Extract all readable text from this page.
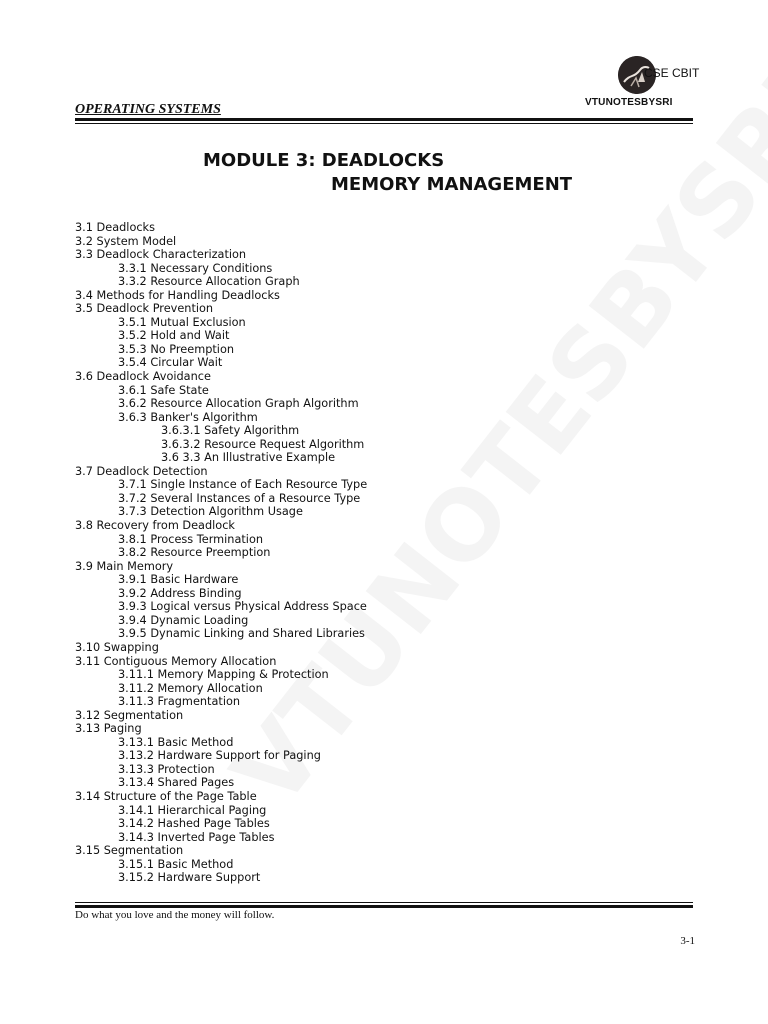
CSE CBIT
VTUNOTESBYSRI
OPERATING SYSTEMS
MODULE 3: DEADLOCKS
MEMORY MANAGEMENT
3.1 Deadlocks
3.2 System Model
3.3 Deadlock Characterization
3.3.1 Necessary Conditions
3.3.2 Resource Allocation Graph
3.4 Methods for Handling Deadlocks
3.5 Deadlock Prevention
3.5.1 Mutual Exclusion
3.5.2 Hold and Wait
3.5.3 No Preemption
3.5.4 Circular Wait
3.6 Deadlock Avoidance
3.6.1 Safe State
3.6.2 Resource Allocation Graph Algorithm
3.6.3 Banker's Algorithm
3.6.3.1 Safety Algorithm
3.6.3.2 Resource Request Algorithm
3.6 3.3 An Illustrative Example
3.7 Deadlock Detection
3.7.1 Single Instance of Each Resource Type
3.7.2 Several Instances of a Resource Type
3.7.3 Detection Algorithm Usage
3.8 Recovery from Deadlock
3.8.1 Process Termination
3.8.2 Resource Preemption
3.9 Main Memory
3.9.1 Basic Hardware
3.9.2 Address Binding
3.9.3 Logical versus Physical Address Space
3.9.4 Dynamic Loading
3.9.5 Dynamic Linking and Shared Libraries
3.10 Swapping
3.11 Contiguous Memory Allocation
3.11.1 Memory Mapping & Protection
3.11.2 Memory Allocation
3.11.3 Fragmentation
3.12 Segmentation
3.13 Paging
3.13.1 Basic Method
3.13.2 Hardware Support for Paging
3.13.3 Protection
3.13.4 Shared Pages
3.14 Structure of the Page Table
3.14.1 Hierarchical Paging
3.14.2 Hashed Page Tables
3.14.3 Inverted Page Tables
3.15 Segmentation
3.15.1 Basic Method
3.15.2 Hardware Support
Do what you love and the money will follow.
3-1
